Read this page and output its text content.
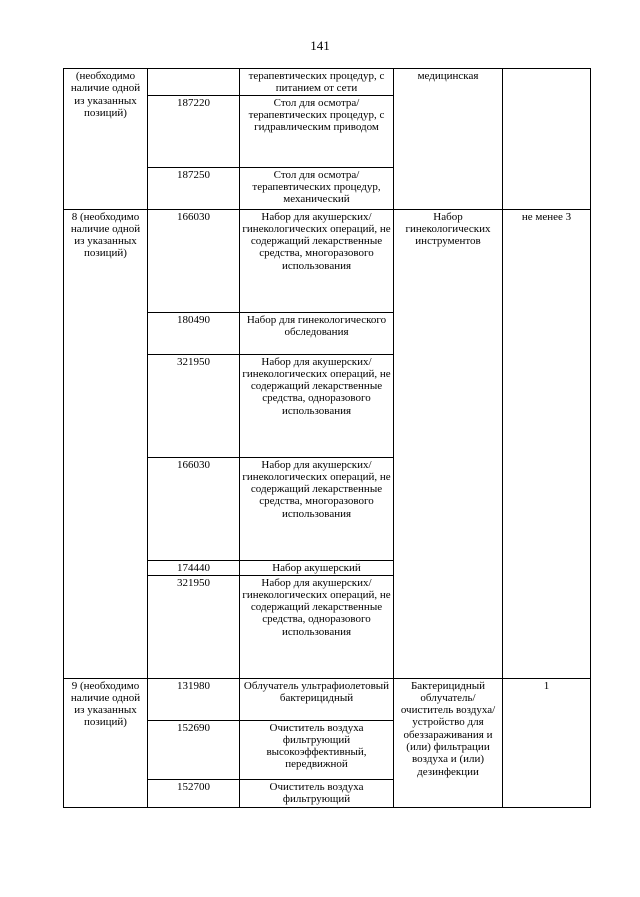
141
(необходимо наличие одной из указанных позиций)		терапевтических процедур, с питанием от сети	медицинская	
	187220	Стол для осмотра/ терапевтических процедур, с гидравлическим приводом		
	187250	Стол для осмотра/ терапевтических процедур, механический		
8 (необходимо наличие одной из указанных позиций)	166030	Набор для акушерских/ гинекологических операций, не содержащий лекарственные средства, многоразового использования	Набор гинекологических инструментов	не менее 3
	180490	Набор для гинекологического обследования		
	321950	Набор для акушерских/ гинекологических операций, не содержащий лекарственные средства, одноразового использования		
	166030	Набор для акушерских/ гинекологических операций, не содержащий лекарственные средства, многоразового использования		
	174440	Набор акушерский		
	321950	Набор для акушерских/ гинекологических операций, не содержащий лекарственные средства, одноразового использования		
9 (необходимо наличие одной из указанных позиций)	131980	Облучатель ультрафиолетовый бактерицидный	Бактерицидный облучатель/ очиститель воздуха/ устройство для обеззараживания и (или) фильтрации воздуха и (или) дезинфекции	1
	152690	Очиститель воздуха фильтрующий высокоэффективный, передвижной		
	152700	Очиститель воздуха фильтрующий		
